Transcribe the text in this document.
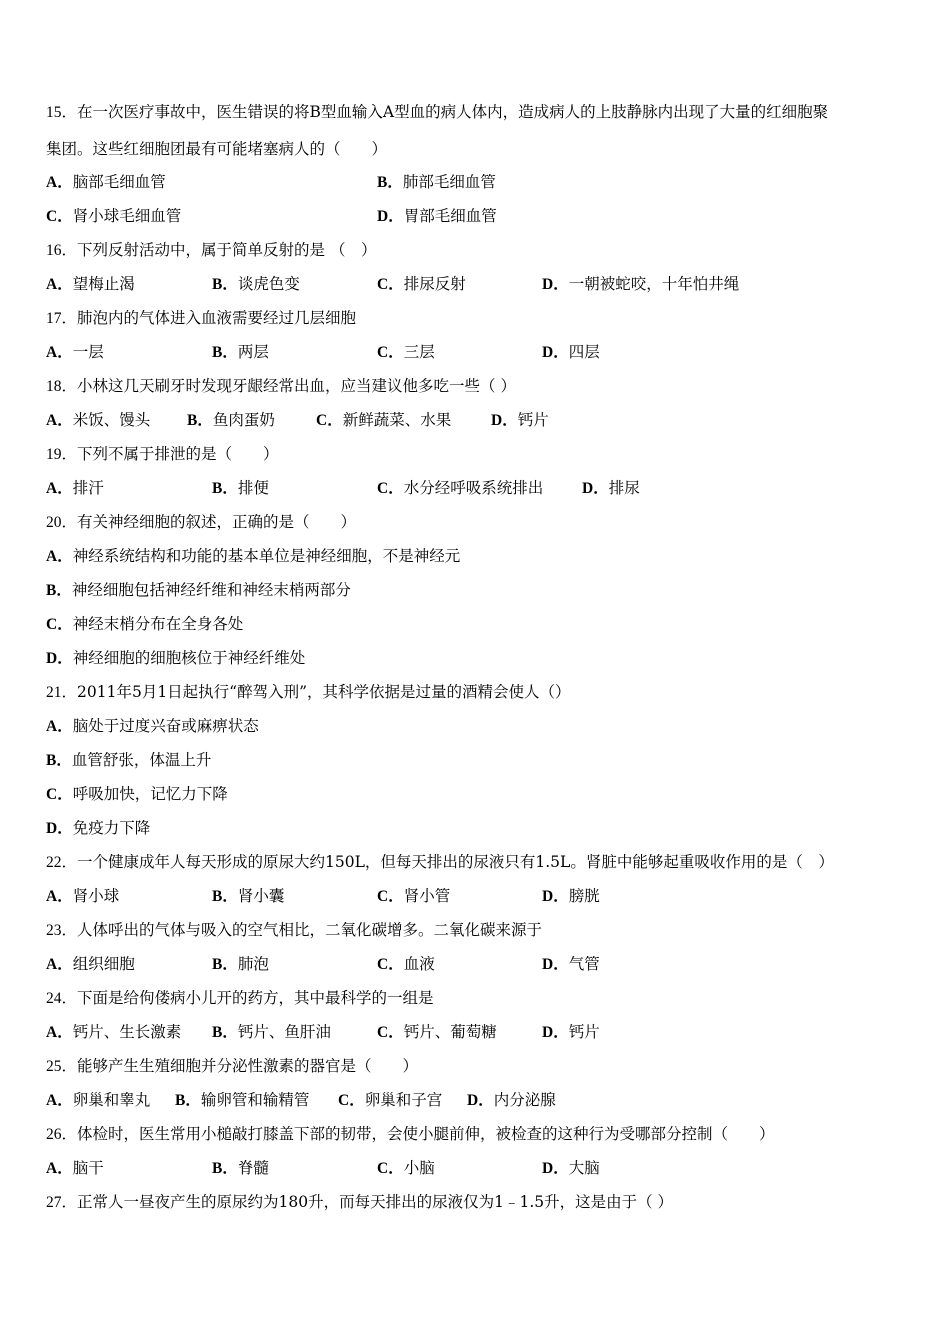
15．在一次医疗事故中，医生错误的将B型血输入A型血的病人体内，造成病人的上肢静脉内出现了大量的红细胞聚
集团。这些红细胞团最有可能堵塞病人的（　　）
A．脑部毛细血管	B．肺部毛细血管
C．肾小球毛细血管	D．胃部毛细血管
16．下列反射活动中，属于简单反射的是 （　）
A．望梅止渴	B．谈虎色变	C．排尿反射	D．一朝被蛇咬，十年怕井绳
17．肺泡内的气体进入血液需要经过几层细胞
A．一层	B．两层	C．三层	D．四层
18．小林这几天刷牙时发现牙龈经常出血，应当建议他多吃一些（ ）
A．米饭、馒头 B．鱼肉蛋奶	C．新鲜蔬菜、水果	D．钙片
19．下列不属于排泄的是（　　）
A．排汗	B．排便	C．水分经呼吸系统排出	D．排尿
20．有关神经细胞的叙述，正确的是（　　）
A．神经系统结构和功能的基本单位是神经细胞，不是神经元
B．神经细胞包括神经纤维和神经末梢两部分
C．神经末梢分布在全身各处
D．神经细胞的细胞核位于神经纤维处
21．2011年5月1日起执行“醉驾入刑”，其科学依据是过量的酒精会使人（）
A．脑处于过度兴奋或麻痹状态
B．血管舒张，体温上升
C．呼吸加快，记忆力下降
D．免疫力下降
22．一个健康成年人每天形成的原尿大约150L，但每天排出的尿液只有1.5L。肾脏中能够起重吸收作用的是（　）
A．肾小球	B．肾小囊	C．肾小管	D．膀胱
23．人体呼出的气体与吸入的空气相比，二氧化碳增多。二氧化碳来源于
A．组织细胞	B．肺泡	C．血液	D．气管
24．下面是给佝偻病小儿开的药方，其中最科学的一组是
A．钙片、生长激素 B．钙片、鱼肝油	C．钙片、葡萄糖	D．钙片
25．能够产生生殖细胞并分泌性激素的器官是（　　）
A．卵巢和睾丸 B．输卵管和输精管 C．卵巢和子宫 D．内分泌腺
26．体检时，医生常用小槌敲打膝盖下部的韧带，会使小腿前伸，被检查的这种行为受哪部分控制（　　）
A．脑干	B．脊髓	C．小脑	D．大脑
27．正常人一昼夜产生的原尿约为180升，而每天排出的尿液仅为1﹣1.5升，这是由于（ ）
